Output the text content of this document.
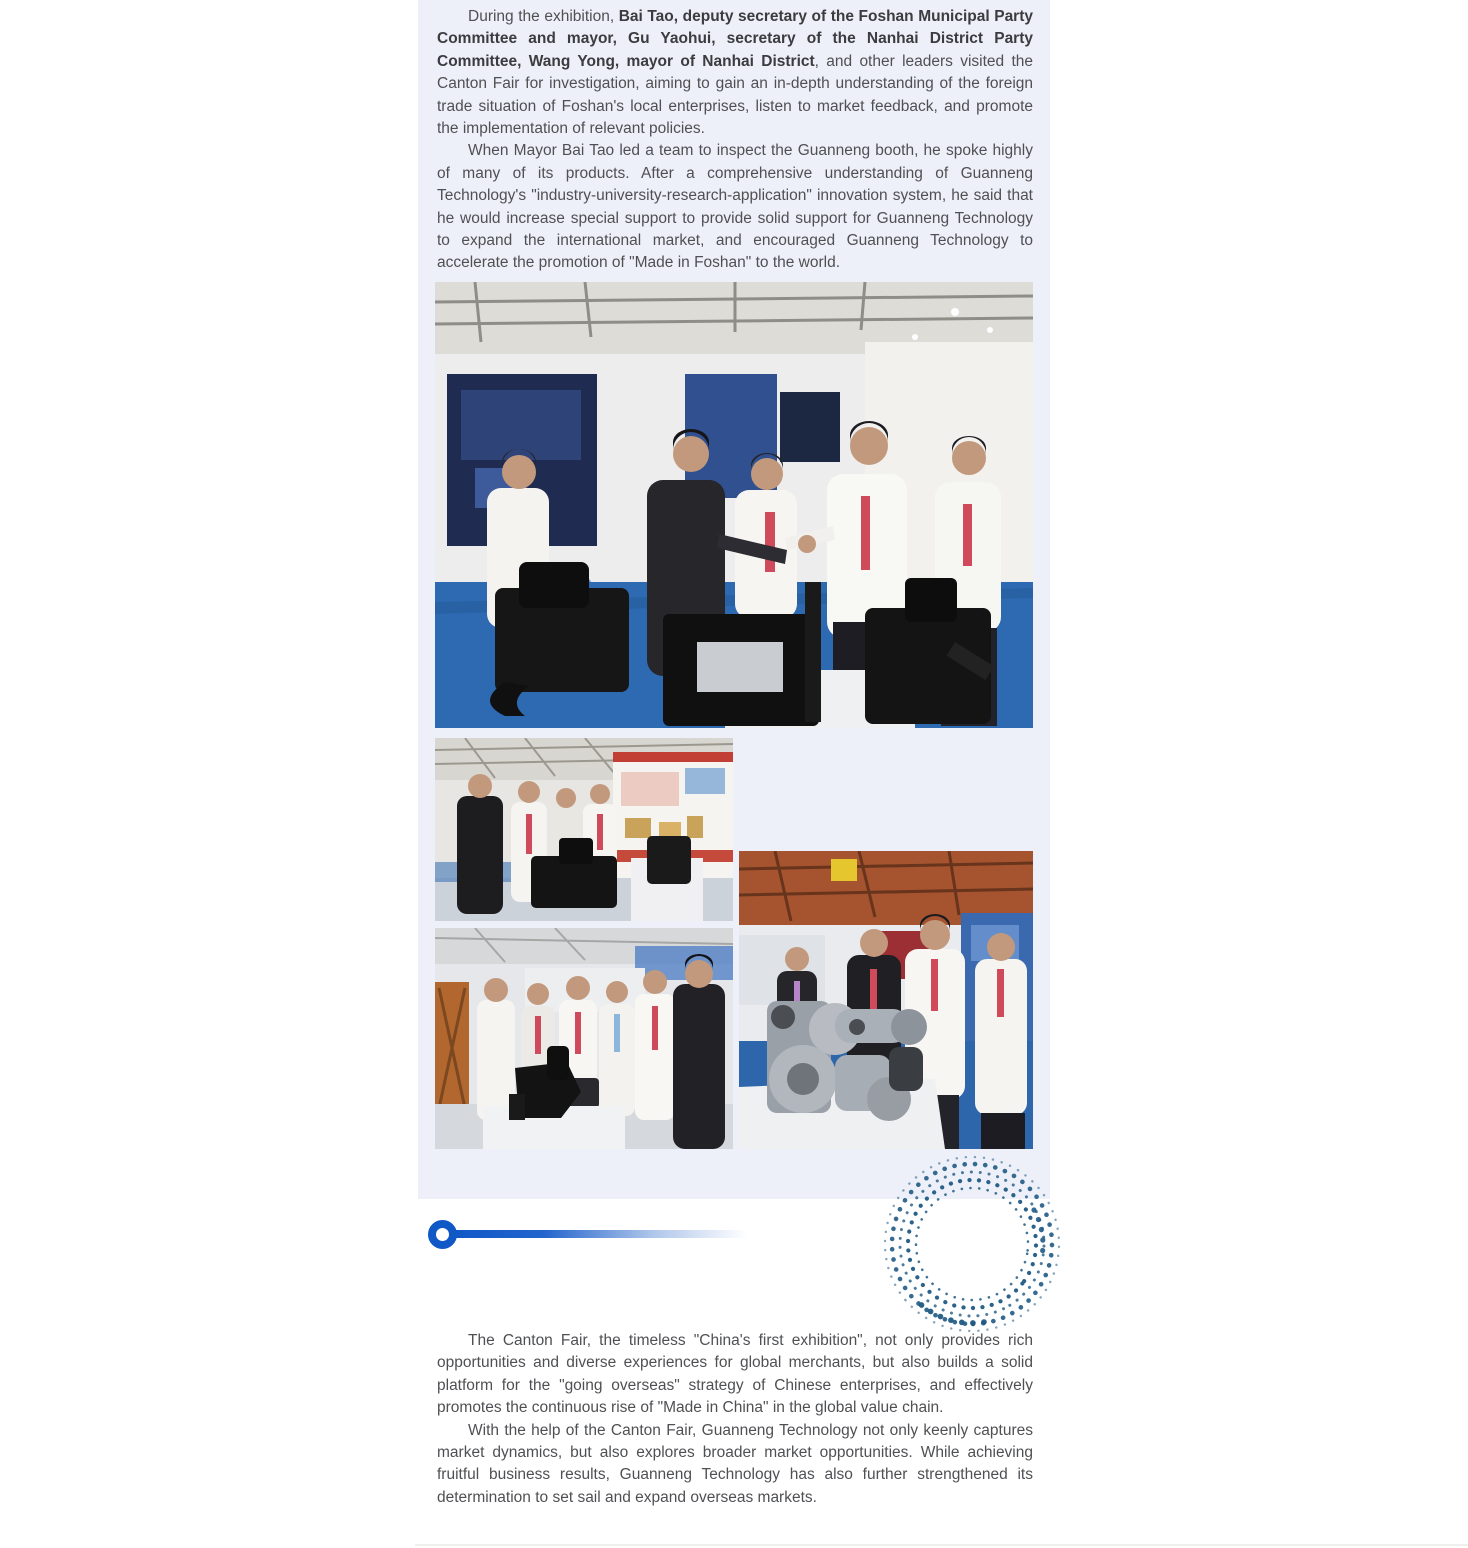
During the exhibition, Bai Tao, deputy secretary of the Foshan Municipal Party Committee and mayor, Gu Yaohui, secretary of the Nanhai District Party Committee, Wang Yong, mayor of Nanhai District, and other leaders visited the Canton Fair for investigation, aiming to gain an in-depth understanding of the foreign trade situation of Foshan's local enterprises, listen to market feedback, and promote the implementation of relevant policies.

When Mayor Bai Tao led a team to inspect the Guanneng booth, he spoke highly of many of its products. After a comprehensive understanding of Guanneng Technology's "industry-university-research-application" innovation system, he said that he would increase special support to provide solid support for Guanneng Technology to expand the international market, and encouraged Guanneng Technology to accelerate the promotion of "Made in Foshan" to the world.

The Canton Fair, the timeless "China's first exhibition", not only provides rich opportunities and diverse experiences for global merchants, but also builds a solid platform for the "going overseas" strategy of Chinese enterprises, and effectively promotes the continuous rise of "Made in China" in the global value chain.

With the help of the Canton Fair, Guanneng Technology not only keenly captures market dynamics, but also explores broader market opportunities. While achieving fruitful business results, Guanneng Technology has also further strengthened its determination to set sail and expand overseas markets.
